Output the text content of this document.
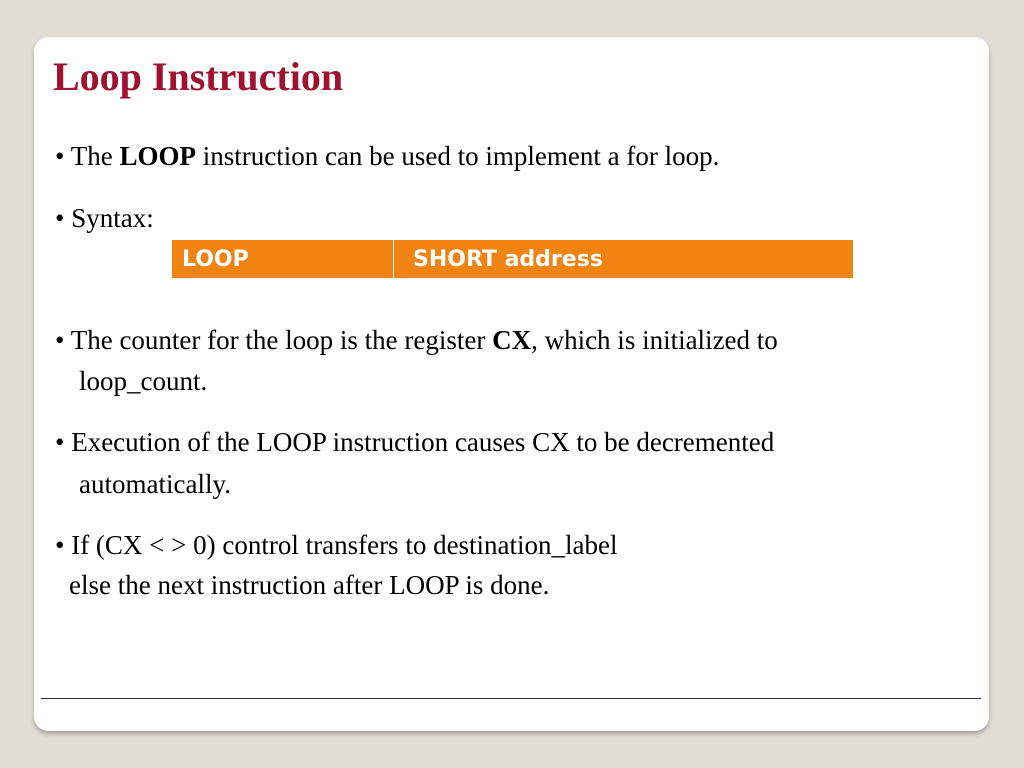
Loop Instruction
• The LOOP instruction can be used to implement a for loop.
• Syntax:
LOOP	SHORT address
• The counter for the loop is the register CX, which is initialized to
loop_count.
• Execution of the LOOP instruction causes CX to be decremented
automatically.
• If (CX < > 0) control transfers to destination_label
else the next instruction after LOOP is done.
